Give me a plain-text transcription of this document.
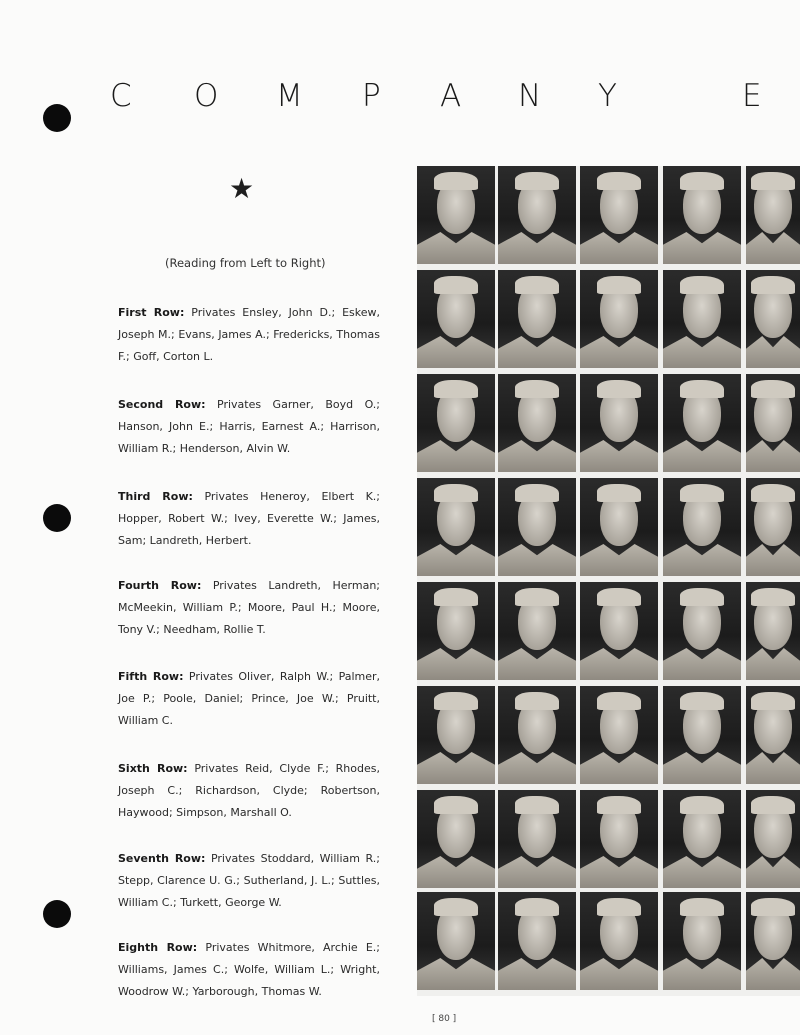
C O M P A N Y	E
★
(Reading from Left to Right)
First Row: Privates Ensley, John D.; Eskew, Joseph M.; Evans, James A.; Fredericks, Thomas F.; Goff, Corton L.
Second Row: Privates Garner, Boyd O.; Hanson, John E.; Harris, Earnest A.; Harrison, William R.; Henderson, Alvin W.
Third Row: Privates Heneroy, Elbert K.; Hopper, Robert W.; Ivey, Everette W.; James, Sam; Landreth, Herbert.
Fourth Row: Privates Landreth, Herman; McMeekin, William P.; Moore, Paul H.; Moore, Tony V.; Needham, Rollie T.
Fifth Row: Privates Oliver, Ralph W.; Palmer, Joe P.; Poole, Daniel; Prince, Joe W.; Pruitt, William C.
Sixth Row: Privates Reid, Clyde F.; Rhodes, Joseph C.; Richardson, Clyde; Robertson, Haywood; Simpson, Marshall O.
Seventh Row: Privates Stoddard, William R.; Stepp, Clarence U. G.; Sutherland, J. L.; Suttles, William C.; Turkett, George W.
Eighth Row: Privates Whitmore, Archie E.; Williams, James C.; Wolfe, William L.; Wright, Woodrow W.; Yarborough, Thomas W.
[ 80 ]
